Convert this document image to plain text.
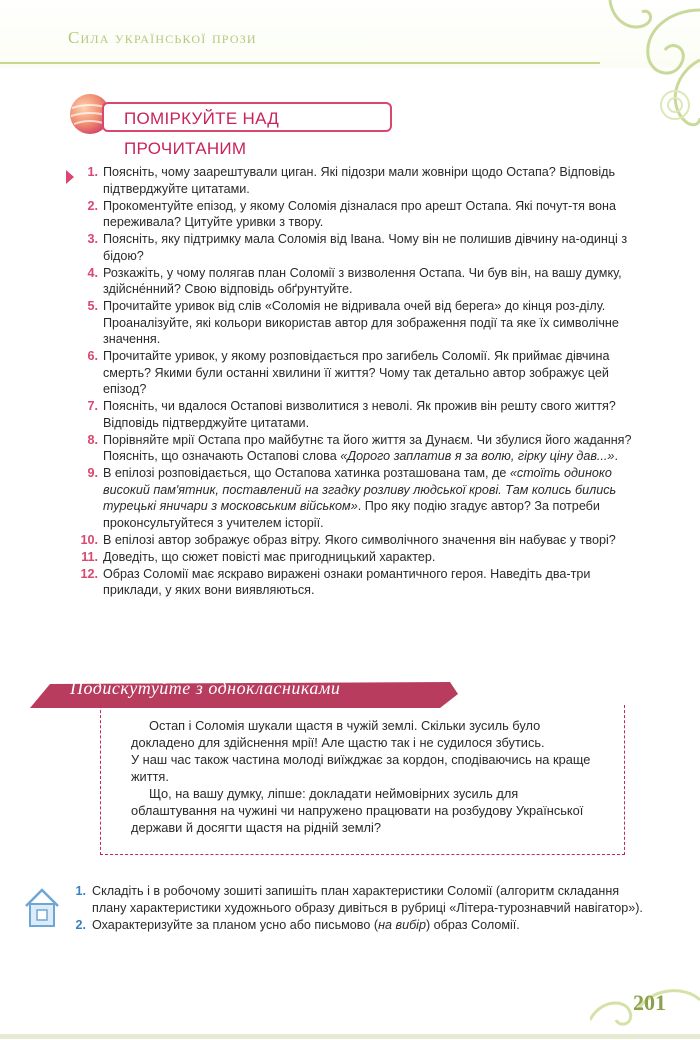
Сила української прози
ПОМІРКУЙТЕ НАД ПРОЧИТАНИМ
1. Поясніть, чому заарештували циган. Які підозри мали жовніри щодо Остапа? Відповідь підтверджуйте цитатами.
2. Прокоментуйте епізод, у якому Соломія дізналася про арешт Остапа. Які почут-тя вона переживала? Цитуйте уривки з твору.
3. Поясніть, яку підтримку мала Соломія від Івана. Чому він не полишив дівчину на-одинці з бідою?
4. Розкажіть, у чому полягав план Соломії з визволення Остапа. Чи був він, на вашу думку, здійсне́нний? Свою відповідь обґрунтуйте.
5. Прочитайте уривок від слів «Соломія не відривала очей від берега» до кінця роз-ділу. Проаналізуйте, які кольори використав автор для зображення події та яке їх символічне значення.
6. Прочитайте уривок, у якому розповідається про загибель Соломії. Як приймає дівчина смерть? Якими були останні хвилини її життя? Чому так детально автор зображує цей епізод?
7. Поясніть, чи вдалося Остапові визволитися з неволі. Як прожив він решту свого життя? Відповідь підтверджуйте цитатами.
8. Порівняйте мрії Остапа про майбутнє та його життя за Дунаєм. Чи збулися його жадання? Поясніть, що означають Остапові слова «Дорого заплатив я за волю, гірку ціну дав...».
9. В епілозі розповідається, що Остапова хатинка розташована там, де «стоїть одиноко високий пам'ятник, поставлений на згадку розливу людської крові. Там колись бились турецькі яничари з московським військом». Про яку подію згадує автор? За потреби проконсультуйтеся з учителем історії.
10. В епілозі автор зображує образ вітру. Якого символічного значення він набуває у творі?
11. Доведіть, що сюжет повісті має пригодницький характер.
12. Образ Соломії має яскраво виражені ознаки романтичного героя. Наведіть два-три приклади, у яких вони виявляються.
Подискутуйте з однокласниками

Остап і Соломія шукали щастя в чужій землі. Скільки зусиль було докладено для здійснення мрії! Але щастю так і не судилося збутись.

У наш час також частина молоді виїжджає за кордон, сподіваючись на краще життя.

Що, на вашу думку, ліпше: докладати неймовірних зусиль для облаштування на чужині чи напружено працювати на розбудову Української держави й досягти щастя на рідній землі?

1. Складіть і в робочому зошиті запишіть план характеристики Соломії (алгоритм складання плану характеристики художнього образу дивіться в рубриці «Літера-турознавчий навігатор»).
2. Охарактеризуйте за планом усно або письмово (на вибір) образ Соломії.
201
